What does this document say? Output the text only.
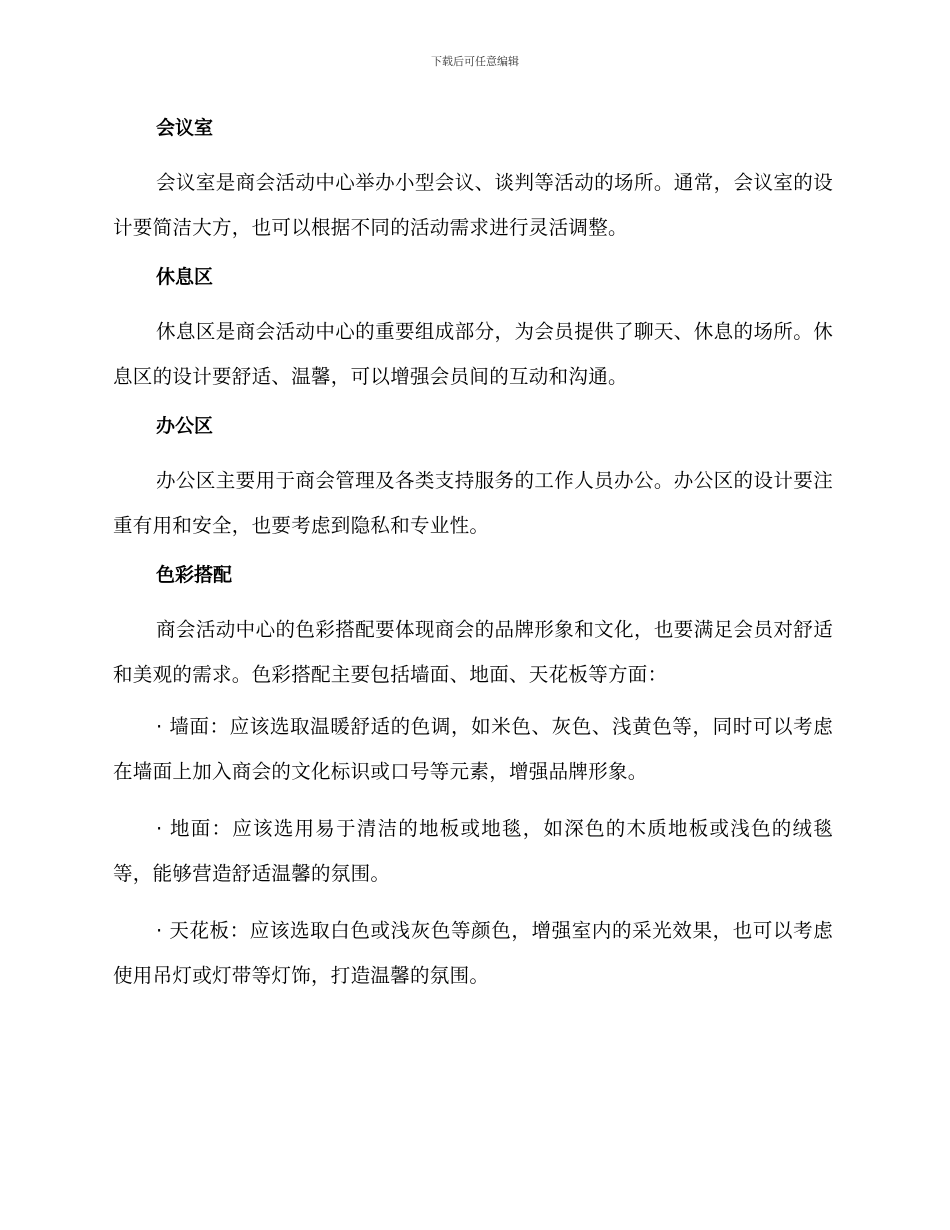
下载后可任意编辑
会议室
会议室是商会活动中心举办小型会议、谈判等活动的场所。通常，会议室的设计要简洁大方，也可以根据不同的活动需求进行灵活调整。
休息区
休息区是商会活动中心的重要组成部分，为会员提供了聊天、休息的场所。休息区的设计要舒适、温馨，可以增强会员间的互动和沟通。
办公区
办公区主要用于商会管理及各类支持服务的工作人员办公。办公区的设计要注重有用和安全，也要考虑到隐私和专业性。
色彩搭配
商会活动中心的色彩搭配要体现商会的品牌形象和文化，也要满足会员对舒适和美观的需求。色彩搭配主要包括墙面、地面、天花板等方面：
· 墙面：应该选取温暖舒适的色调，如米色、灰色、浅黄色等，同时可以考虑在墙面上加入商会的文化标识或口号等元素，增强品牌形象。
· 地面：应该选用易于清洁的地板或地毯，如深色的木质地板或浅色的绒毯等，能够营造舒适温馨的氛围。
· 天花板：应该选取白色或浅灰色等颜色，增强室内的采光效果，也可以考虑使用吊灯或灯带等灯饰，打造温馨的氛围。
